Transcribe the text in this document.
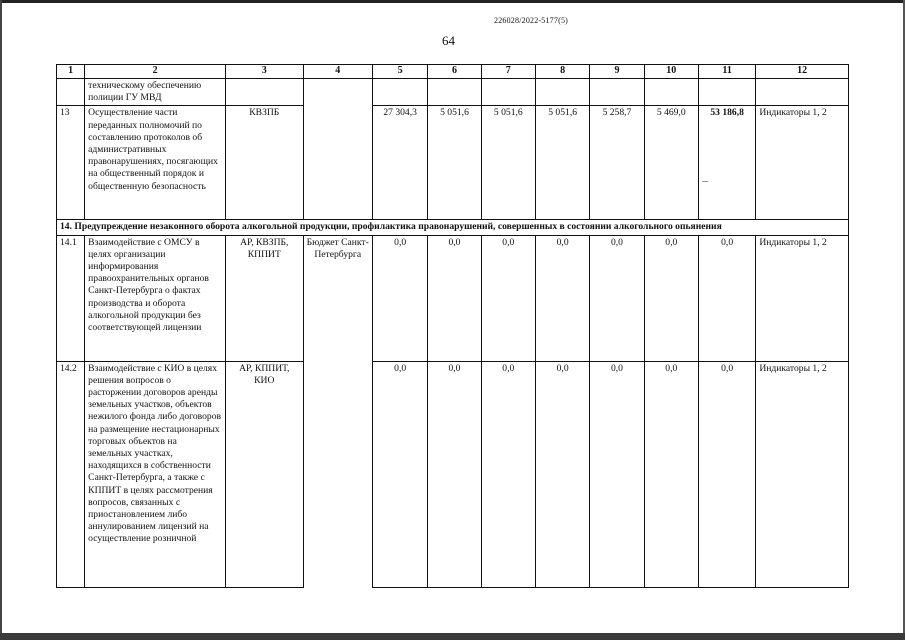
226028/2022-5177(5)
64
1	2	3	4	5	6	7	8	9	10	11	12
	техническому обеспечению полиции ГУ МВД										
13	Осуществление части переданных полномочий по составлению протоколов об административных правонарушениях, посягающих на общественный порядок и общественную безопасность	КВЗПБ		27 304,3	5 051,6	5 051,6	5 051,6	5 258,7	5 469,0	53 186,8	Индикаторы 1, 2
14. Предупреждение незаконного оборота алкогольной продукции, профилактика правонарушений, совершенных в состоянии алкогольного опьянения											
14.1	Взаимодействие с ОМСУ в целях организации информирования правоохранительных органов Санкт-Петербурга о фактах производства и оборота алкогольной продукции без соответствующей лицензии	АР, КВЗПБ, КППИТ	Бюджет Санкт-Петербурга	0,0	0,0	0,0	0,0	0,0	0,0	0,0	Индикаторы 1, 2
14.2	Взаимодействие с КИО в целях решения вопросов о расторжении договоров аренды земельных участков, объектов нежилого фонда либо договоров на размещение нестационарных торговых объектов на земельных участках, находящихся в собственности Санкт-Петербурга, а также с КППИТ в целях рассмотрения вопросов, связанных с приостановлением либо аннулированием лицензий на осуществление розничной	АР, КППИТ, КИО		0,0	0,0	0,0	0,0	0,0	0,0	0,0	Индикаторы 1, 2
